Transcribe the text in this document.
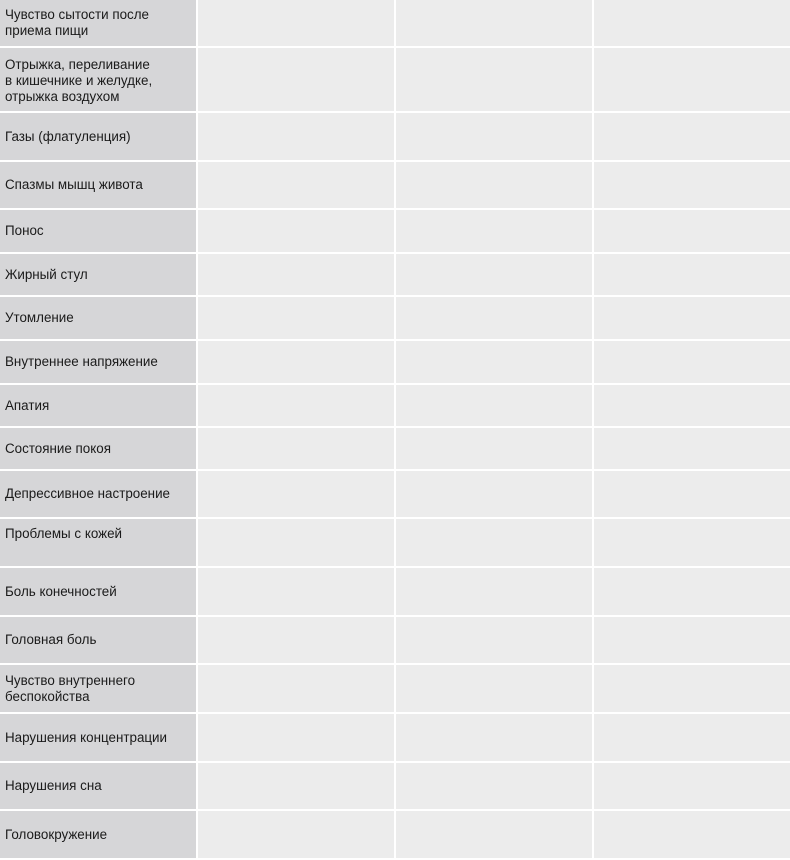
Чувство сытости после
приема пищи
Отрыжка, переливание
в кишечнике и желудке,
отрыжка воздухом
Газы (флатуленция)
Спазмы мышц живота
Понос
Жирный стул
Утомление
Внутреннее напряжение
Апатия
Состояние покоя
Депрессивное настроение
Проблемы с кожей
Боль конечностей
Головная боль
Чувство внутреннего
беспокойства
Нарушения концентрации
Нарушения сна
Головокружение
